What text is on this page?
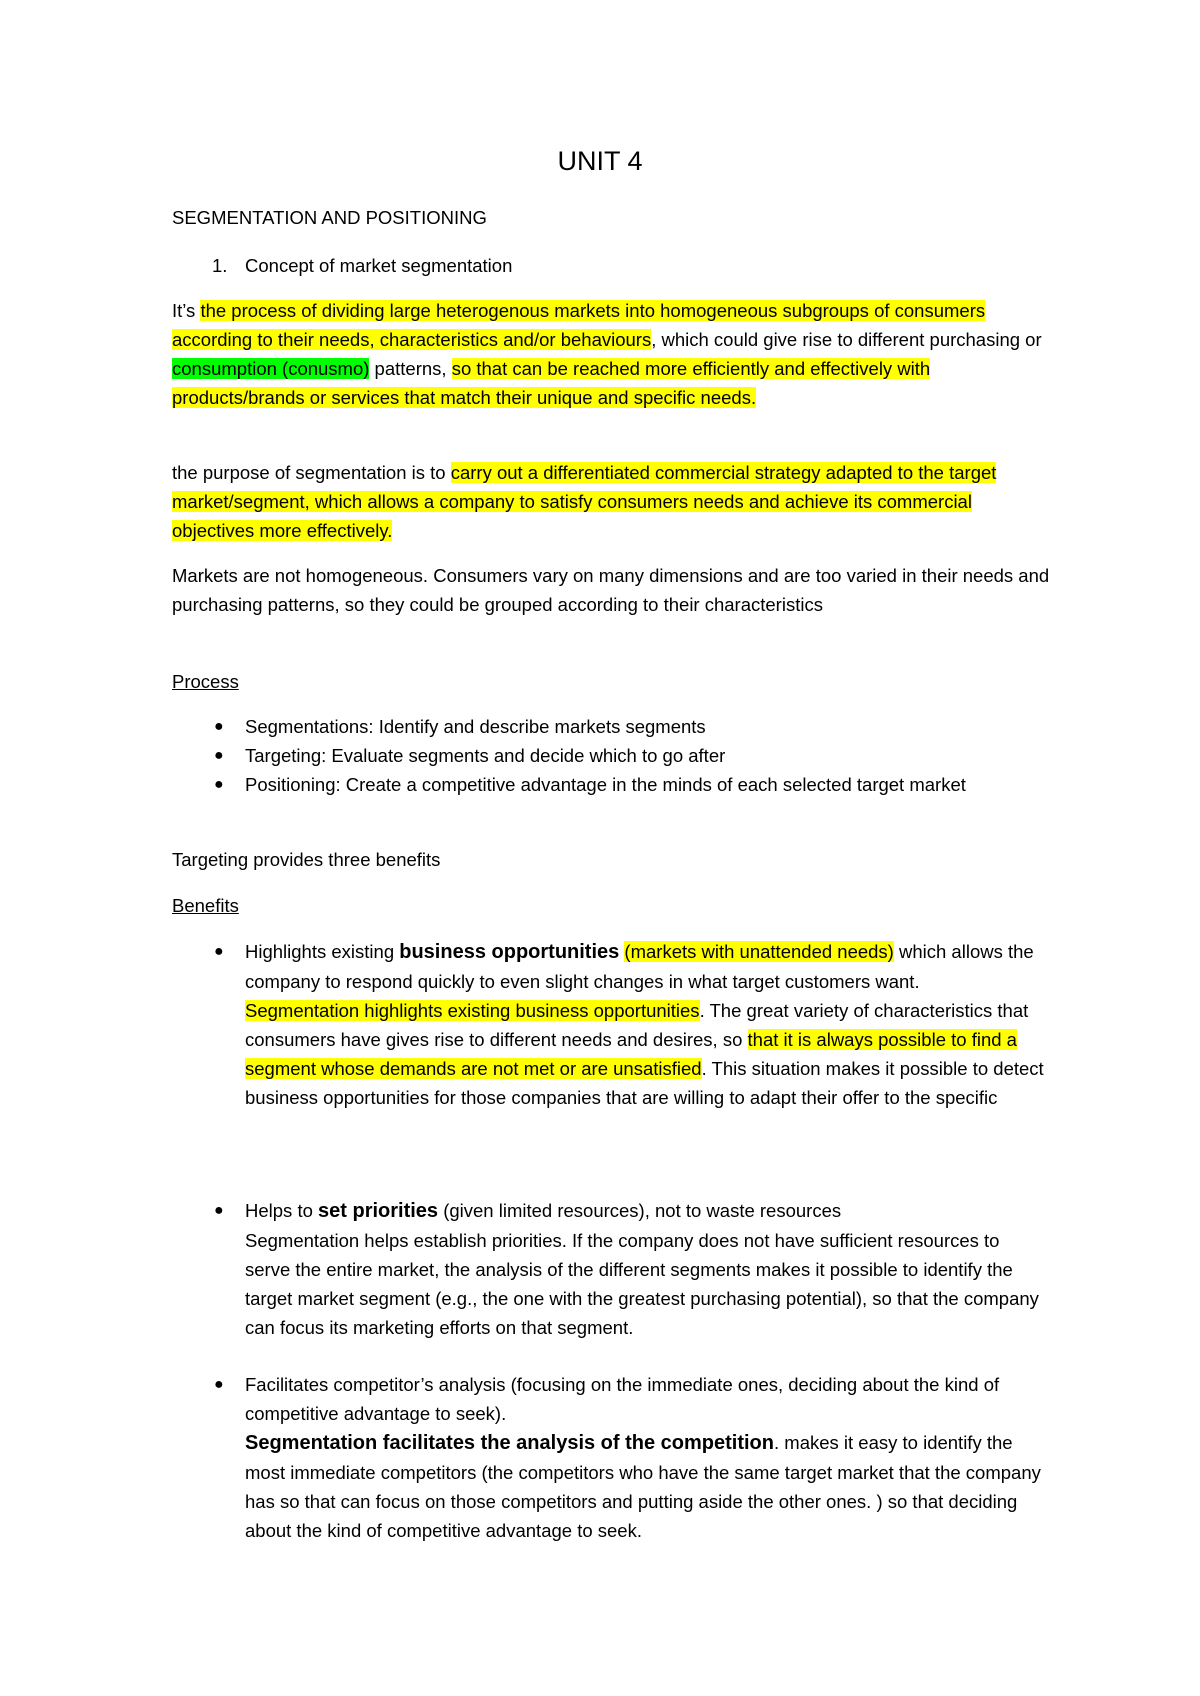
UNIT 4
SEGMENTATION AND POSITIONING
1. Concept of market segmentation
It’s the process of dividing large heterogenous markets into homogeneous subgroups of consumers according to their needs, characteristics and/or behaviours, which could give rise to different purchasing or consumption (conusmo) patterns, so that can be reached more efficiently and effectively with products/brands or services that match their unique and specific needs.
the purpose of segmentation is to carry out a differentiated commercial strategy adapted to the target market/segment, which allows a company to satisfy consumers needs and achieve its commercial objectives more effectively.
Markets are not homogeneous. Consumers vary on many dimensions and are too varied in their needs and purchasing patterns, so they could be grouped according to their characteristics
Process
● Segmentations: Identify and describe markets segments
● Targeting: Evaluate segments and decide which to go after
● Positioning: Create a competitive advantage in the minds of each selected target market
Targeting provides three benefits
Benefits
● Highlights existing business opportunities (markets with unattended needs) which allows the company to respond quickly to even slight changes in what target customers want.
Segmentation highlights existing business opportunities. The great variety of characteristics that consumers have gives rise to different needs and desires, so that it is always possible to find a segment whose demands are not met or are unsatisfied. This situation makes it possible to detect business opportunities for those companies that are willing to adapt their offer to the specific
● Helps to set priorities (given limited resources), not to waste resources
Segmentation helps establish priorities. If the company does not have sufficient resources to serve the entire market, the analysis of the different segments makes it possible to identify the target market segment (e.g., the one with the greatest purchasing potential), so that the company can focus its marketing efforts on that segment.
● Facilitates competitor’s analysis (focusing on the immediate ones, deciding about the kind of competitive advantage to seek).
Segmentation facilitates the analysis of the competition. makes it easy to identify the most immediate competitors (the competitors who have the same target market that the company has so that can focus on those competitors and putting aside the other ones. ) so that deciding about the kind of competitive advantage to seek.
